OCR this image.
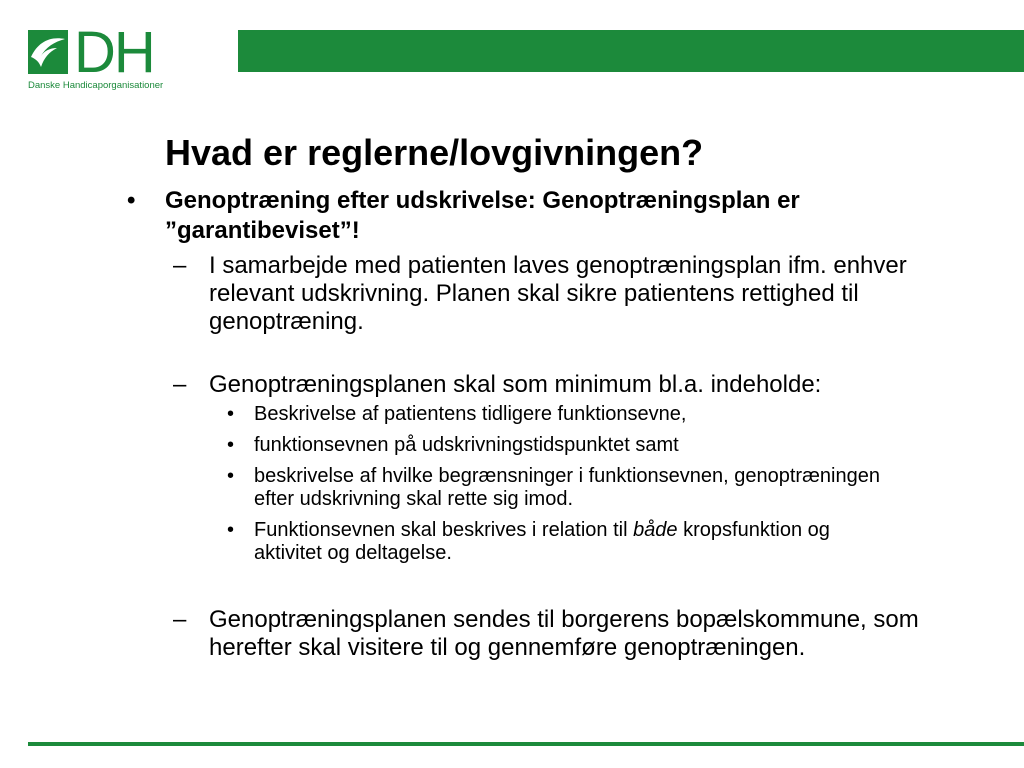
DH
Danske Handicaporganisationer
Hvad er reglerne/lovgivningen?
• Genoptræning efter udskrivelse: Genoptræningsplan er
”garantibeviset”!
– I samarbejde med patienten laves genoptræningsplan ifm. enhver
relevant udskrivning. Planen skal sikre patientens rettighed til
genoptræning.
– Genoptræningsplanen skal som minimum bl.a. indeholde:
• Beskrivelse af patientens tidligere funktionsevne,
• funktionsevnen på udskrivningstidspunktet samt
• beskrivelse af hvilke begrænsninger i funktionsevnen, genoptræningen
efter udskrivning skal rette sig imod.
• Funktionsevnen skal beskrives i relation til både kropsfunktion og
aktivitet og deltagelse.
– Genoptræningsplanen sendes til borgerens bopælskommune, som
herefter skal visitere til og gennemføre genoptræningen.
